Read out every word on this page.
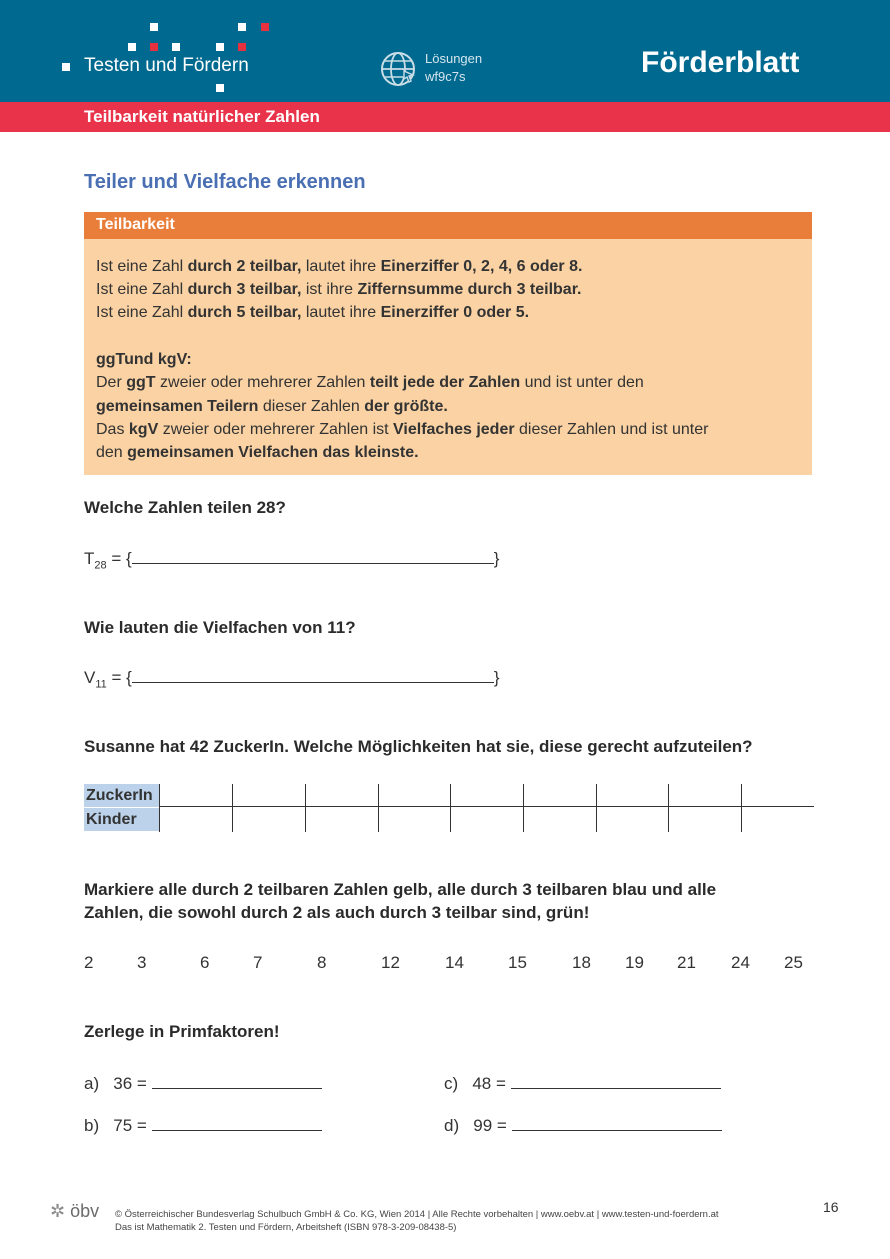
Testen und Fördern	Lösungen
wf9c7s	Förderblatt
Teilbarkeit natürlicher Zahlen
Teiler und Vielfache erkennen
Teilbarkeit
Ist eine Zahl durch 2 teilbar, lautet ihre Einerziffer 0, 2, 4, 6 oder 8.
Ist eine Zahl durch 3 teilbar, ist ihre Ziffernsumme durch 3 teilbar.
Ist eine Zahl durch 5 teilbar, lautet ihre Einerziffer 0 oder 5.
ggTund kgV:
Der ggT zweier oder mehrerer Zahlen teilt jede der Zahlen und ist unter den
gemeinsamen Teilern dieser Zahlen der größte.
Das kgV zweier oder mehrerer Zahlen ist Vielfaches jeder dieser Zahlen und ist unter
den gemeinsamen Vielfachen das kleinste.
Welche Zahlen teilen 28?
$T_{28}$ = {	}
Wie lauten die Vielfachen von 11?
$V_{11}$ = {	}
Susanne hat 42 ZuckerIn. Welche Möglichkeiten hat sie, diese gerecht aufzuteilen?
ZuckerIn
Kinder
Markiere alle durch 2 teilbaren Zahlen gelb, alle durch 3 teilbaren blau und alle
Zahlen, die sowohl durch 2 als auch durch 3 teilbar sind, grün!
2	3	6	7	8	12	14	15	18 19 21 24 25
Zerlege in Primfaktoren!
a) 36 =
b) 75 =
c) 48 =
d) 99 =
✲ öbv © Österreichischer Bundesverlag Schulbuch GmbH & Co. KG, Wien 2014 | Alle Rechte vorbehalten | www.oebv.at | www.testen-und-foerdern.at
Das ist Mathematik 2. Testen und Fördern, Arbeitsheft (ISBN 978-3-209-08438-5)
16
